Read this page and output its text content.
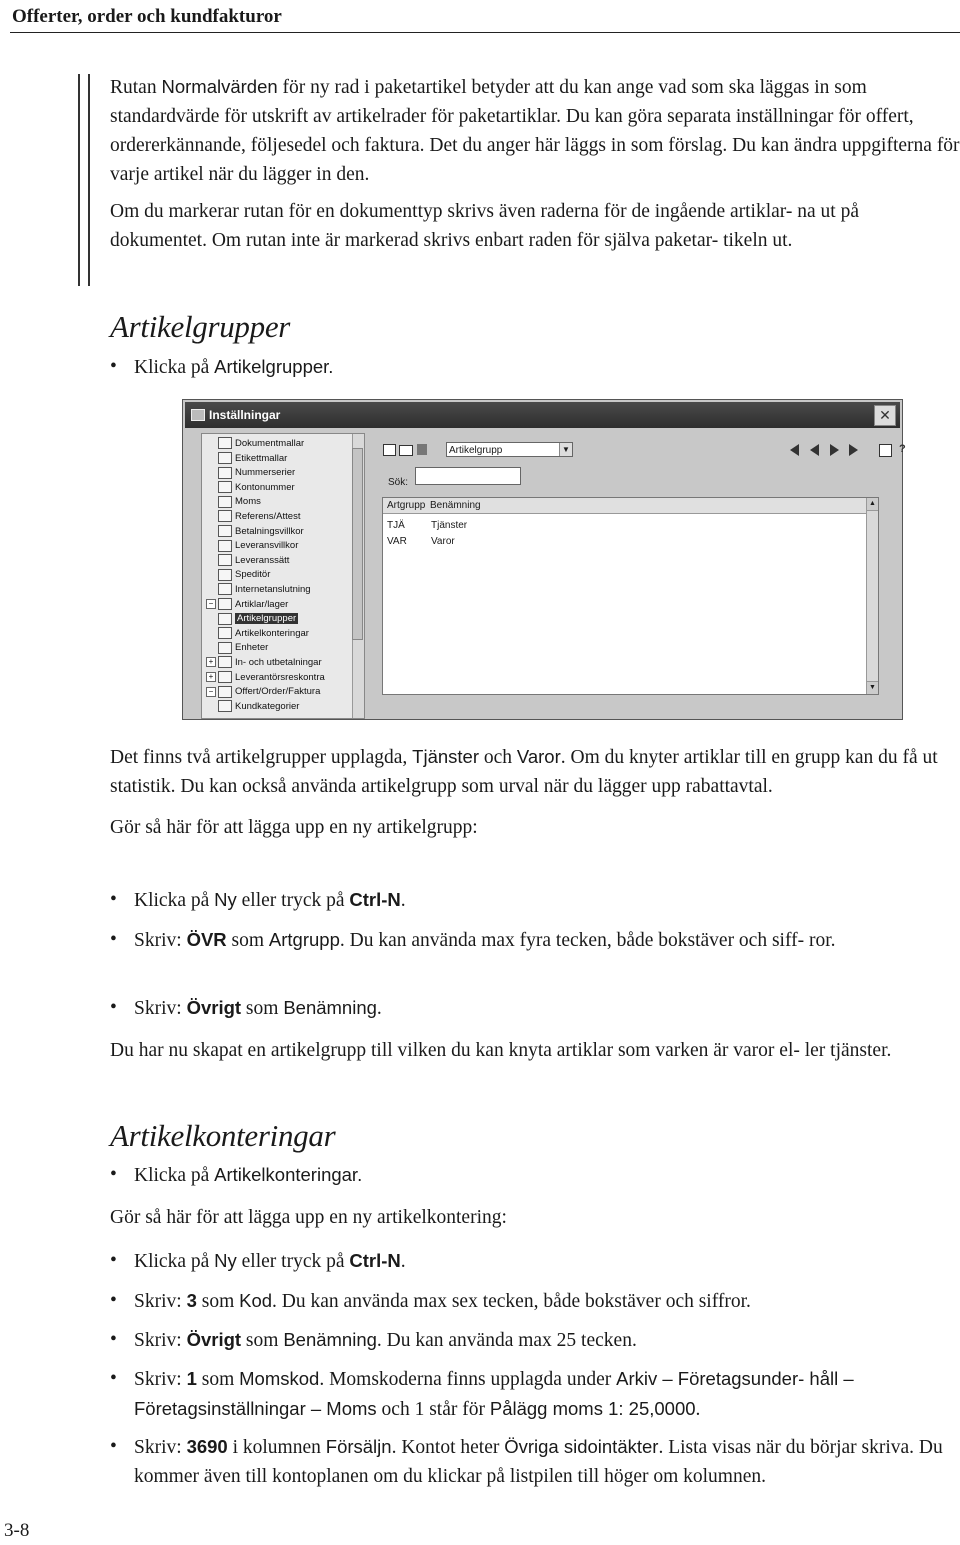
Offerter, order och kundfakturor

Rutan Normalvärden för ny rad i paketartikel betyder att du kan ange vad som ska läggas in som standardvärde för utskrift av artikelrader för paketartiklar. Du kan göra separata inställningar för offert, ordererkännande, följesedel och faktura. Det du anger här läggs in som förslag. Du kan ändra uppgifterna för varje artikel när du lägger in den.

Om du markerar rutan för en dokumenttyp skrivs även raderna för de ingående artiklar- na ut på dokumentet. Om rutan inte är markerad skrivs enbart raden för själva paketar- tikeln ut.

Artikelgrupper
• Klicka på Artikelgrupper.
Inställningar	✕
Dokumentmallar
Etikettmallar
Nummerserier
Kontonummer
Moms
Referens/Attest
Betalningsvillkor
Leveransvillkor
Leveranssätt
Speditör
Internetanslutning
− Artiklar/lager
Artikelgrupper
Artikelkonteringar
Enheter
+ In- och utbetalningar
+ Leverantörsreskontra
− Offert/Order/Faktura
Kundkategorier
?
Artikelgrupp	▼
Sök:
Artgrupp Benämning
TJÄ	Tjänster
VAR Varor
▲
▼

Det finns två artikelgrupper upplagda, Tjänster och Varor. Om du knyter artiklar till en grupp kan du få ut statistik. Du kan också använda artikelgrupp som urval när du lägger upp rabattavtal.

Gör så här för att lägga upp en ny artikelgrupp:

• Klicka på Ny eller tryck på Ctrl-N.
• Skriv: ÖVR som Artgrupp. Du kan använda max fyra tecken, både bokstäver och siff- ror.
• Skriv: Övrigt som Benämning.
Du har nu skapat en artikelgrupp till vilken du kan knyta artiklar som varken är varor el- ler tjänster.
Artikelkonteringar
• Klicka på Artikelkonteringar.
Gör så här för att lägga upp en ny artikelkontering:
• Klicka på Ny eller tryck på Ctrl-N.
• Skriv: 3 som Kod. Du kan använda max sex tecken, både bokstäver och siffror.
• Skriv: Övrigt som Benämning. Du kan använda max 25 tecken.
• Skriv: 1 som Momskod. Momskoderna finns upplagda under Arkiv – Företagsunder- håll – Företagsinställningar – Moms och 1 står för Pålägg moms 1: 25,0000.
• Skriv: 3690 i kolumnen Försäljn. Kontot heter Övriga sidointäkter. Lista visas när du börjar skriva. Du kommer även till kontoplanen om du klickar på listpilen till höger om kolumnen.
3-8
